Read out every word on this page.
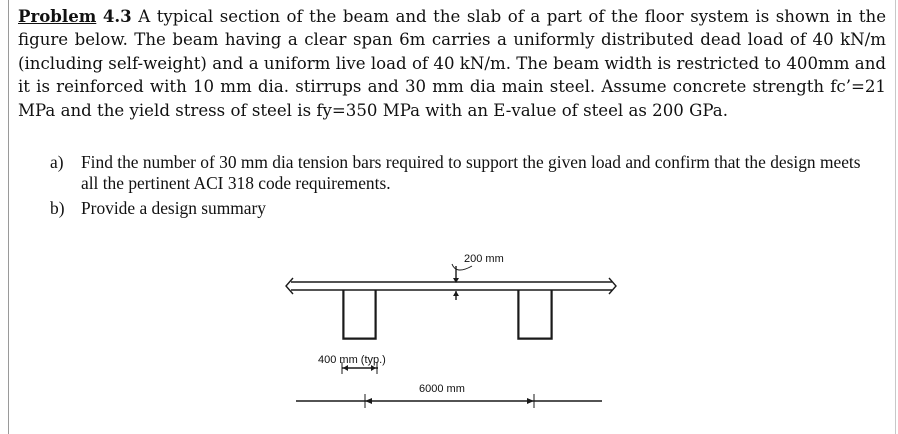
Problem 4.3 A typical section of the beam and the slab of a part of the floor system is shown in the figure below. The beam having a clear span 6m carries a uniformly distributed dead load of 40 kN/m (including self-weight) and a uniform live load of 40 kN/m. The beam width is restricted to 400mm and it is reinforced with 10 mm dia. stirrups and 30 mm dia main steel. Assume concrete strength fc’=21 MPa and the yield stress of steel is fy=350 MPa with an E-value of steel as 200 GPa.

a)	Find the number of 30 mm dia tension bars required to support the given load and confirm that the design meets all the pertinent ACI 318 code requirements.
b) Provide a design summary
200 mm
400 mm (typ.)
6000 mm
